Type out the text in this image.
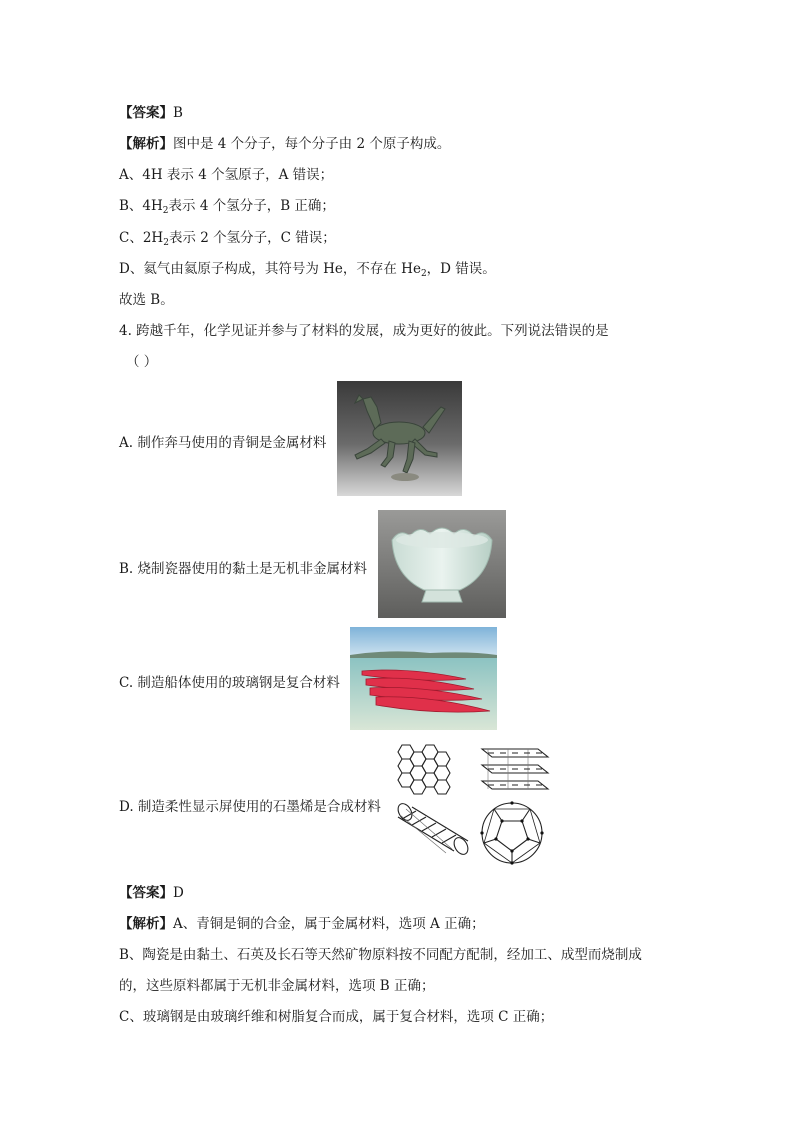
【答案】B
【解析】图中是 4 个分子，每个分子由 2 个原子构成。
A、4H 表示 4 个氢原子，A 错误；
B、$4H_2$表示 4 个氢分子，B 正确；
C、$2H_2$表示 2 个氢分子，C 错误；
D、氦气由氦原子构成，其符号为 He，不存在 $He_2$，D 错误。
故选 B。
4. 跨越千年，化学见证并参与了材料的发展，成为更好的彼此。下列说法错误的是
（ ）
A. 制作奔马使用的青铜是金属材料
B. 烧制瓷器使用的黏土是无机非金属材料
C. 制造船体使用的玻璃钢是复合材料
D. 制造柔性显示屏使用的石墨烯是合成材料
【答案】D
【解析】A、青铜是铜的合金，属于金属材料，选项 A 正确；
B、陶瓷是由黏土、石英及长石等天然矿物原料按不同配方配制，经加工、成型而烧制成
的，这些原料都属于无机非金属材料，选项 B 正确；
C、玻璃钢是由玻璃纤维和树脂复合而成，属于复合材料，选项 C 正确；
